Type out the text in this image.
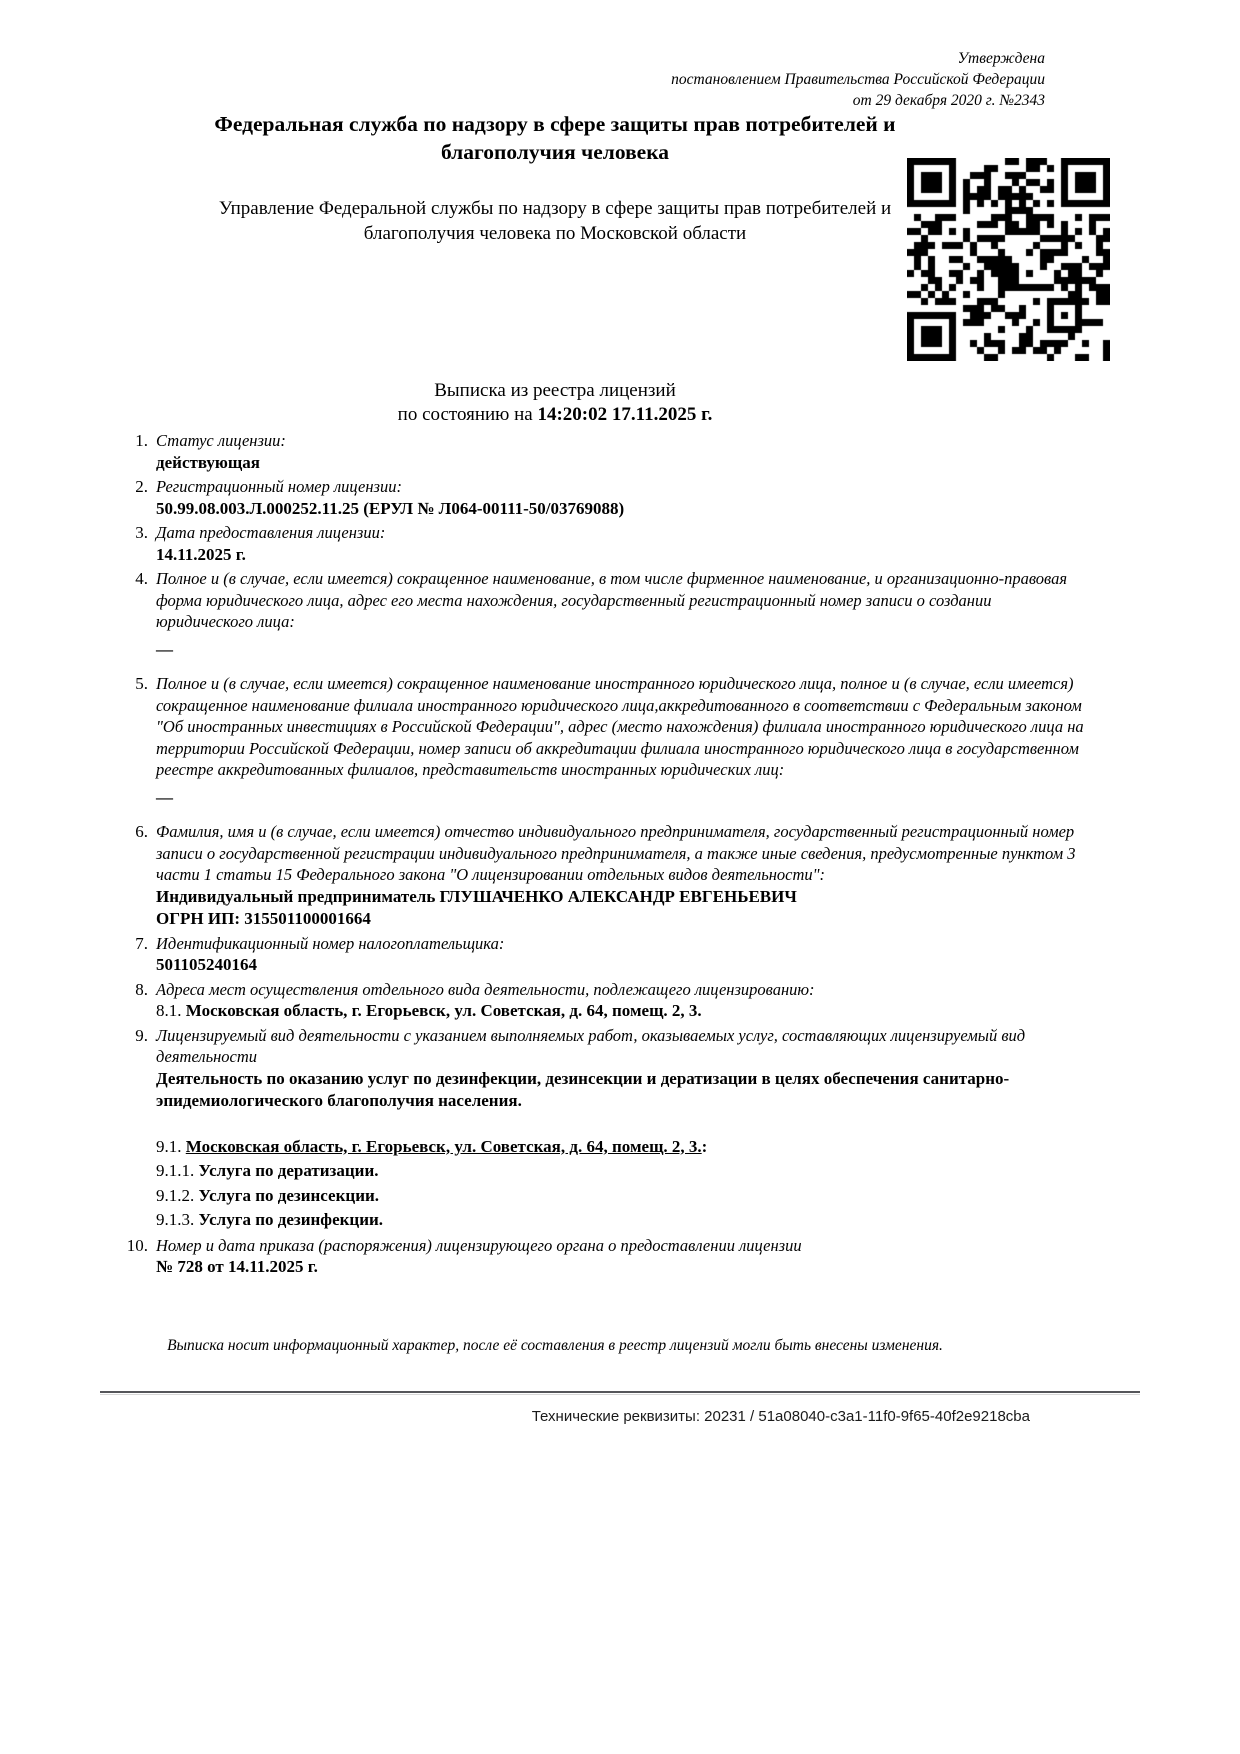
Утверждена
постановлением Правительства Российской Федерации
от 29 декабря 2020 г. №2343
Федеральная служба по надзору в сфере защиты прав потребителей и благополучия человека
Управление Федеральной службы по надзору в сфере защиты прав потребителей и благополучия человека по Московской области
Выписка из реестра лицензий
по состоянию на 14:20:02 17.11.2025 г.
1. Статус лицензии:
действующая
2. Регистрационный номер лицензии:
50.99.08.003.Л.000252.11.25 (ЕРУЛ № Л064-00111-50/03769088)
3. Дата предоставления лицензии:
14.11.2025 г.
4. Полное и (в случае, если имеется) сокращенное наименование, в том числе фирменное наименование, и организационно-правовая форма юридического лица, адрес его места нахождения, государственный регистрационный номер записи о создании юридического лица:
—
5. Полное и (в случае, если имеется) сокращенное наименование иностранного юридического лица, полное и (в случае, если имеется) сокращенное наименование филиала иностранного юридического лица,аккредитованного в соответствии с Федеральным законом "Об иностранных инвестициях в Российской Федерации", адрес (место нахождения) филиала иностранного юридического лица на территории Российской Федерации, номер записи об аккредитации филиала иностранного юридического лица в государственном реестре аккредитованных филиалов, представительств иностранных юридических лиц:
—
6. Фамилия, имя и (в случае, если имеется) отчество индивидуального предпринимателя, государственный регистрационный номер записи о государственной регистрации индивидуального предпринимателя, а также иные сведения, предусмотренные пунктом 3 части 1 статьи 15 Федерального закона "О лицензировании отдельных видов деятельности":
Индивидуальный предприниматель ГЛУШАЧЕНКО АЛЕКСАНДР ЕВГЕНЬЕВИЧ
ОГРН ИП: 315501100001664
7. Идентификационный номер налогоплательщика:
501105240164
8. Адреса мест осуществления отдельного вида деятельности, подлежащего лицензированию:
8.1. Московская область, г. Егорьевск, ул. Советская, д. 64, помещ. 2, 3.
9. Лицензируемый вид деятельности с указанием выполняемых работ, оказываемых услуг, составляющих лицензируемый вид деятельности
Деятельность по оказанию услуг по дезинфекции, дезинсекции и дератизации в целях обеспечения санитарно-эпидемиологического благополучия населения.
9.1. Московская область, г. Егорьевск, ул. Советская, д. 64, помещ. 2, 3.:
9.1.1. Услуга по дератизации.
9.1.2. Услуга по дезинсекции.
9.1.3. Услуга по дезинфекции.
10. Номер и дата приказа (распоряжения) лицензирующего органа о предоставлении лицензии
№ 728 от 14.11.2025 г.
Выписка носит информационный характер, после её составления в реестр лицензий могли быть внесены изменения.
Технические реквизиты: 20231 / 51a08040-c3a1-11f0-9f65-40f2e9218cba
